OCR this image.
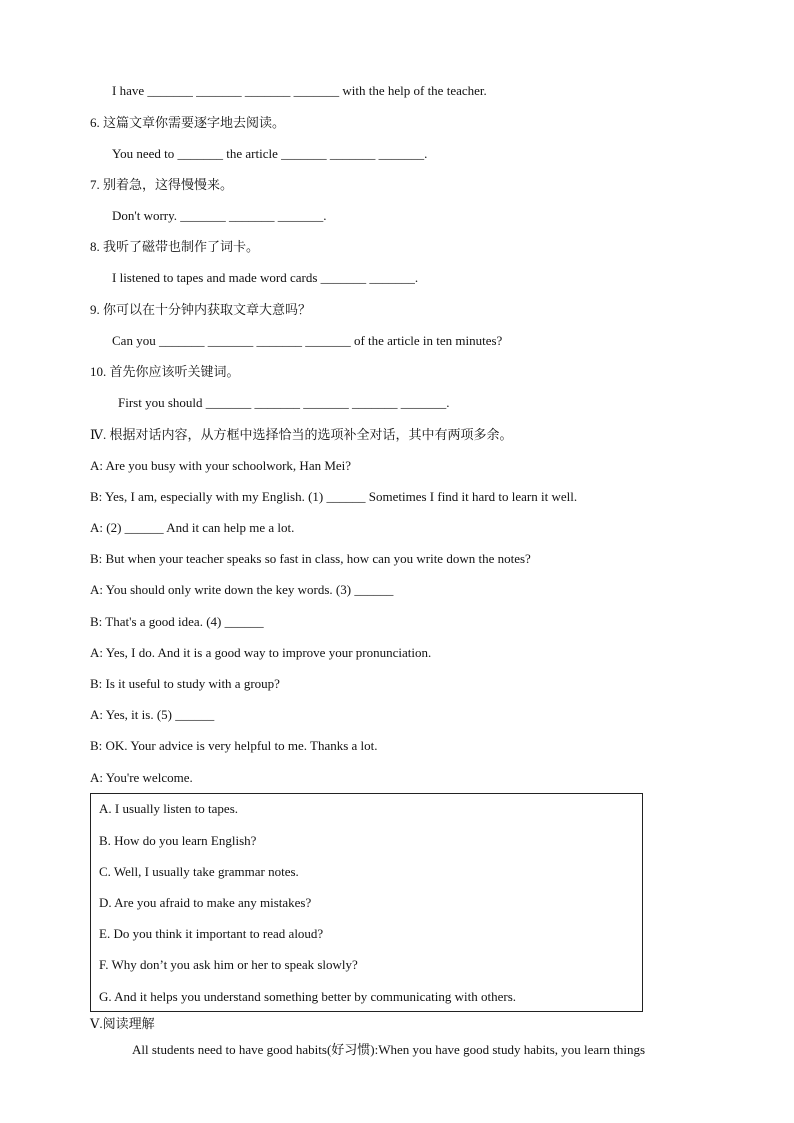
I have _______ _______ _______ _______ with the help of the teacher.
6. 这篇文章你需要逐字地去阅读。
You need to _______ the article _______ _______ _______.
7. 别着急，这得慢慢来。
Don't worry. _______ _______ _______.
8. 我听了磁带也制作了词卡。
I listened to tapes and made word cards _______ _______.
9. 你可以在十分钟内获取文章大意吗？
Can you _______ _______ _______ _______ of the article in ten minutes?
10. 首先你应该听关键词。
First you should _______ _______ _______ _______ _______.
Ⅳ. 根据对话内容，从方框中选择恰当的选项补全对话，其中有两项多余。
A: Are you busy with your schoolwork, Han Mei?
B: Yes, I am, especially with my English. (1) ______ Sometimes I find it hard to learn it well.
A: (2) ______ And it can help me a lot.
B: But when your teacher speaks so fast in class, how can you write down the notes?
A: You should only write down the key words. (3) ______
B: That's a good idea. (4) ______
A: Yes, I do. And it is a good way to improve your pronunciation.
B: Is it useful to study with a group?
A: Yes, it is. (5) ______
B: OK. Your advice is very helpful to me. Thanks a lot.
A: You're welcome.
A. I usually listen to tapes.
B. How do you learn English?
C. Well, I usually take grammar notes.
D. Are you afraid to make any mistakes?
E. Do you think it important to read aloud?
F. Why don’t you ask him or her to speak slowly?
G. And it helps you understand something better by communicating with others.
Ⅴ.阅读理解
All students need to have good habits(好习惯):When you have good study habits, you learn things
